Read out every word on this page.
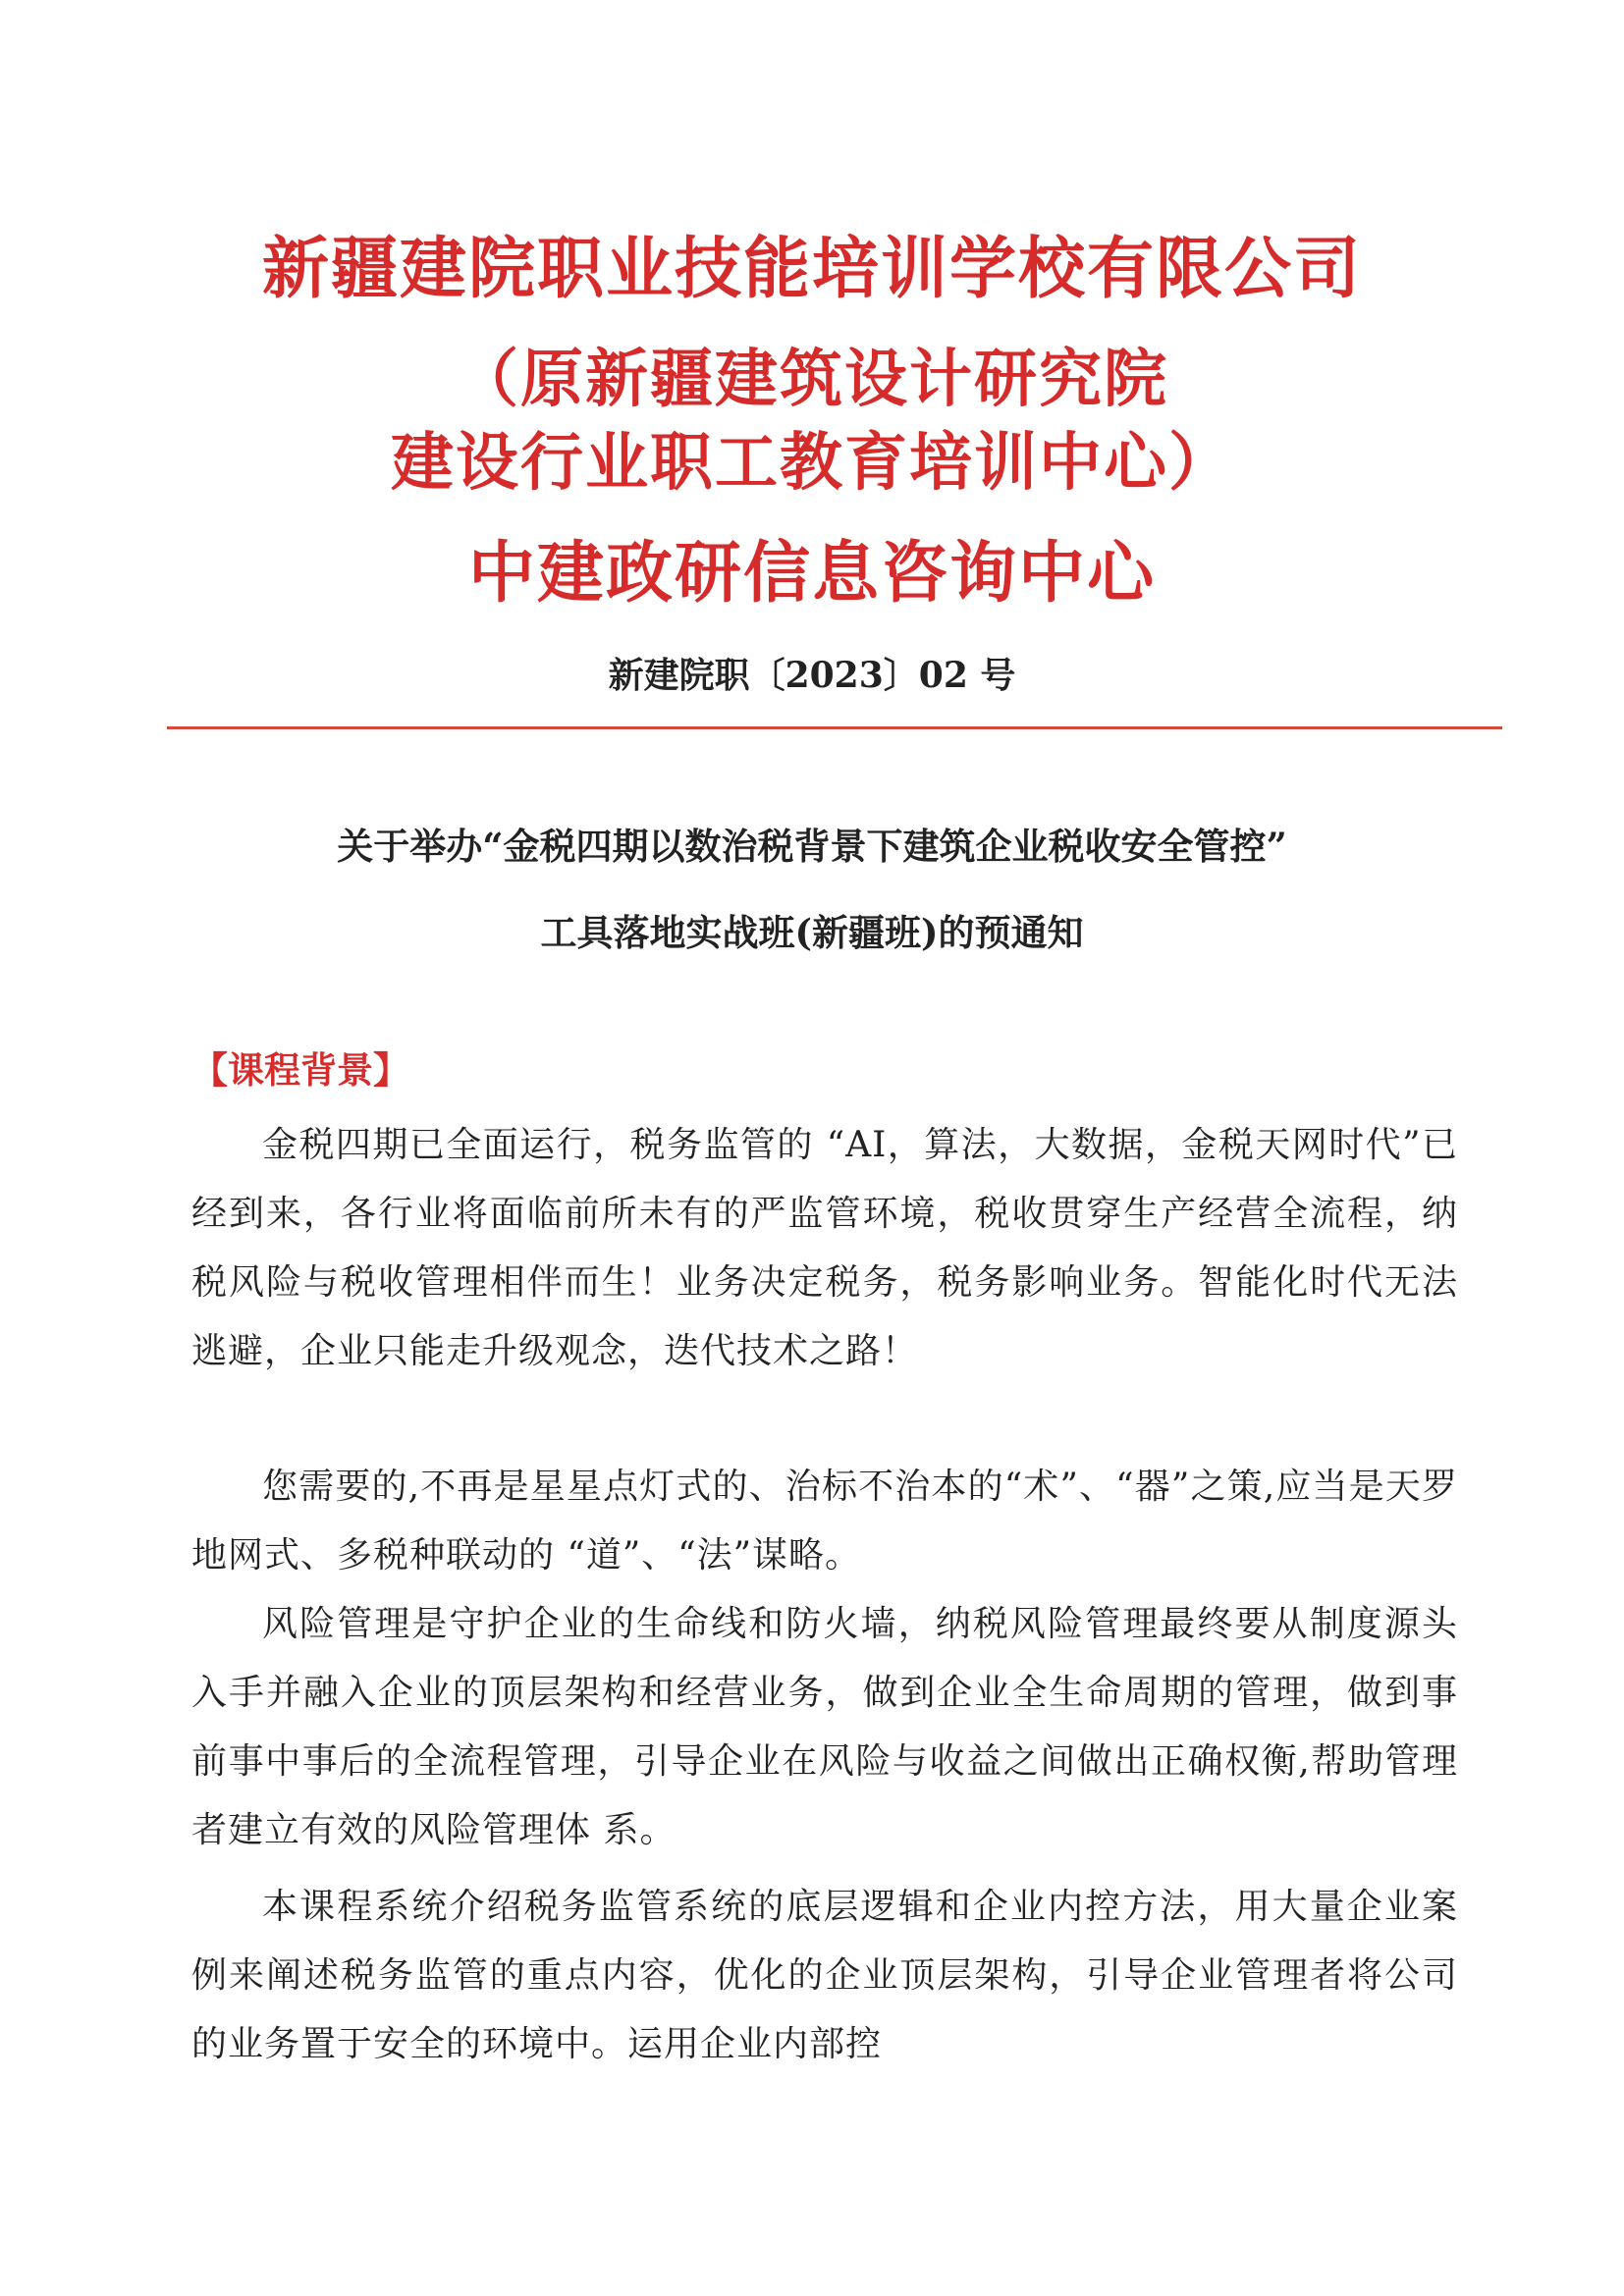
新疆建院职业技能培训学校有限公司
（原新疆建筑设计研究院
建设行业职工教育培训中心）
中建政研信息咨询中心
新建院职〔2023〕02 号
关于举办“金税四期以数治税背景下建筑企业税收安全管控”
工具落地实战班(新疆班)的预通知
【课程背景】

金税四期已全面运行，税务监管的 “AI，算法，大数据，金税天网时代”已经到来，各行业将面临前所未有的严监管环境，税收贯穿生产经营全流程，纳税风险与税收管理相伴而生！业务决定税务，税务影响业务。智能化时代无法逃避，企业只能走升级观念，迭代技术之路！

您需要的,不再是星星点灯式的、治标不治本的“术”、“器”之策,应当是天罗地网式、多税种联动的 “道”、“法”谋略。

风险管理是守护企业的生命线和防火墙，纳税风险管理最终要从制度源头入手并融入企业的顶层架构和经营业务，做到企业全生命周期的管理，做到事前事中事后的全流程管理，引导企业在风险与收益之间做出正确权衡,帮助管理者建立有效的风险管理体 系。

本课程系统介绍税务监管系统的底层逻辑和企业内控方法，用大量企业案例来阐述税务监管的重点内容，优化的企业顶层架构，引导企业管理者将公司的业务置于安全的环境中。运用企业内部控
